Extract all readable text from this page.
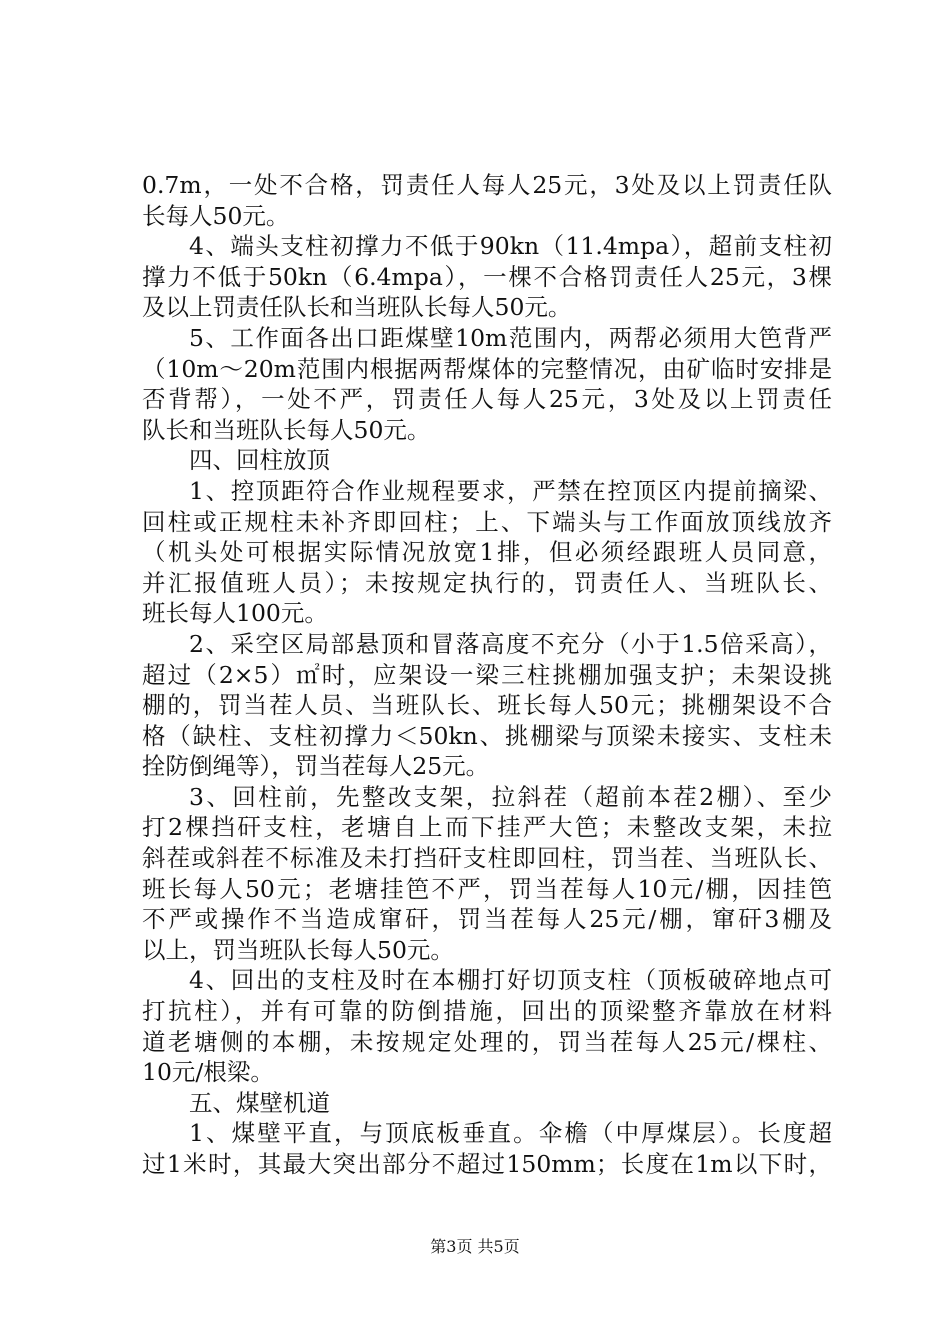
0.7m，一处不合格，罚责任人每人25元，3处及以上罚责任队
长每人50元。
4、端头支柱初撑力不低于90kn（11.4mpa），超前支柱初
撑力不低于50kn（6.4mpa），一棵不合格罚责任人25元，3棵
及以上罚责任队长和当班队长每人50元。
5、工作面各出口距煤壁10m范围内，两帮必须用大笆背严
（10m～20m范围内根据两帮煤体的完整情况，由矿临时安排是
否背帮），一处不严，罚责任人每人25元，3处及以上罚责任
队长和当班队长每人50元。
四、回柱放顶
1、控顶距符合作业规程要求，严禁在控顶区内提前摘梁、
回柱或正规柱未补齐即回柱；上、下端头与工作面放顶线放齐
（机头处可根据实际情况放宽1排，但必须经跟班人员同意，
并汇报值班人员）；未按规定执行的，罚责任人、当班队长、
班长每人100元。
2、采空区局部悬顶和冒落高度不充分（小于1.5倍采高），
超过（2×5）㎡时，应架设一梁三柱挑棚加强支护；未架设挑
棚的，罚当茬人员、当班队长、班长每人50元；挑棚架设不合
格（缺柱、支柱初撑力＜50kn、挑棚梁与顶梁未接实、支柱未
拴防倒绳等），罚当茬每人25元。
3、回柱前，先整改支架，拉斜茬（超前本茬2棚）、至少
打2棵挡矸支柱，老塘自上而下挂严大笆；未整改支架，未拉
斜茬或斜茬不标准及未打挡矸支柱即回柱，罚当茬、当班队长、
班长每人50元；老塘挂笆不严，罚当茬每人10元/棚，因挂笆
不严或操作不当造成窜矸，罚当茬每人25元/棚，窜矸3棚及
以上，罚当班队长每人50元。
4、回出的支柱及时在本棚打好切顶支柱（顶板破碎地点可
打抗柱），并有可靠的防倒措施，回出的顶梁整齐靠放在材料
道老塘侧的本棚，未按规定处理的，罚当茬每人25元/棵柱、
10元/根梁。
五、煤壁机道
1、煤壁平直，与顶底板垂直。伞檐（中厚煤层）。长度超
过1米时，其最大突出部分不超过150mm；长度在1m以下时，
第3页 共5页
